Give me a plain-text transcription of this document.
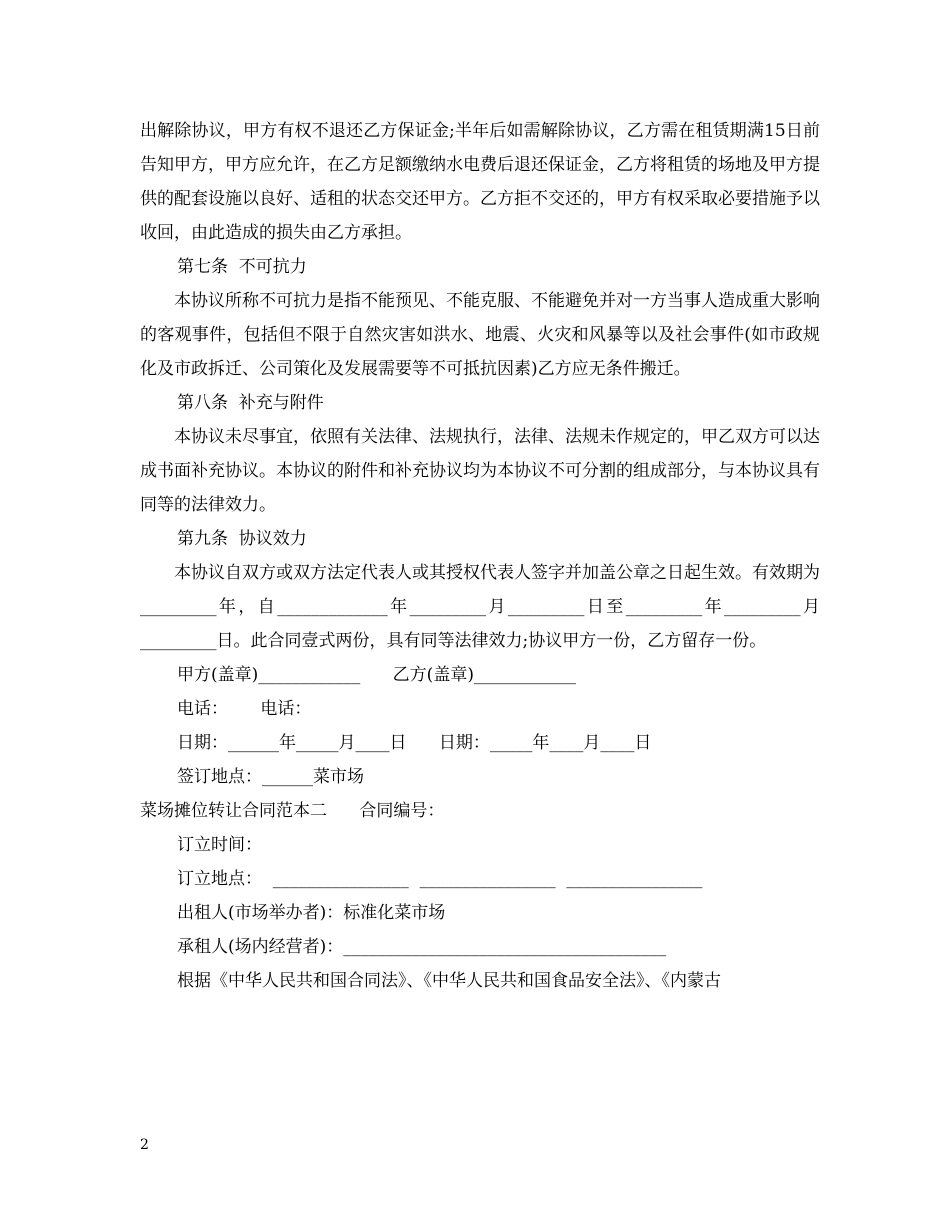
出解除协议，甲方有权不退还乙方保证金;半年后如需解除协议，乙方需在租赁期满15日前告知甲方，甲方应允许，在乙方足额缴纳水电费后退还保证金，乙方将租赁的场地及甲方提供的配套设施以良好、适租的状态交还甲方。乙方拒不交还的，甲方有权采取必要措施予以收回，由此造成的损失由乙方承担。

第七条  不可抗力

本协议所称不可抗力是指不能预见、不能克服、不能避免并对一方当事人造成重大影响的客观事件，包括但不限于自然灾害如洪水、地震、火灾和风暴等以及社会事件(如市政规化及市政拆迁、公司策化及发展需要等不可抵抗因素)乙方应无条件搬迁。

第八条  补充与附件

本协议未尽事宜，依照有关法律、法规执行，法律、法规未作规定的，甲乙双方可以达成书面补充协议。本协议的附件和补充协议均为本协议不可分割的组成部分，与本协议具有同等的法律效力。

第九条  协议效力

本协议自双方或双方法定代表人或其授权代表人签字并加盖公章之日起生效。有效期为_________年，自_____________年_________月_________日至_________年_________月_________日。此合同壹式两份，具有同等法律效力;协议甲方一份，乙方留存一份。

甲方(盖章)____________      乙方(盖章)____________
电话：      电话：
日期：______年_____月____日      日期：_____年____月____日
签订地点：______菜市场
菜场摊位转让合同范本二      合同编号：
订立时间：
订立地点：  ________________  ________________  ________________
出租人(市场举办者)：标准化菜市场
承租人(场内经营者)：______________________________________
根据《中华人民共和国合同法》、《中华人民共和国食品安全法》、《内蒙古
2
